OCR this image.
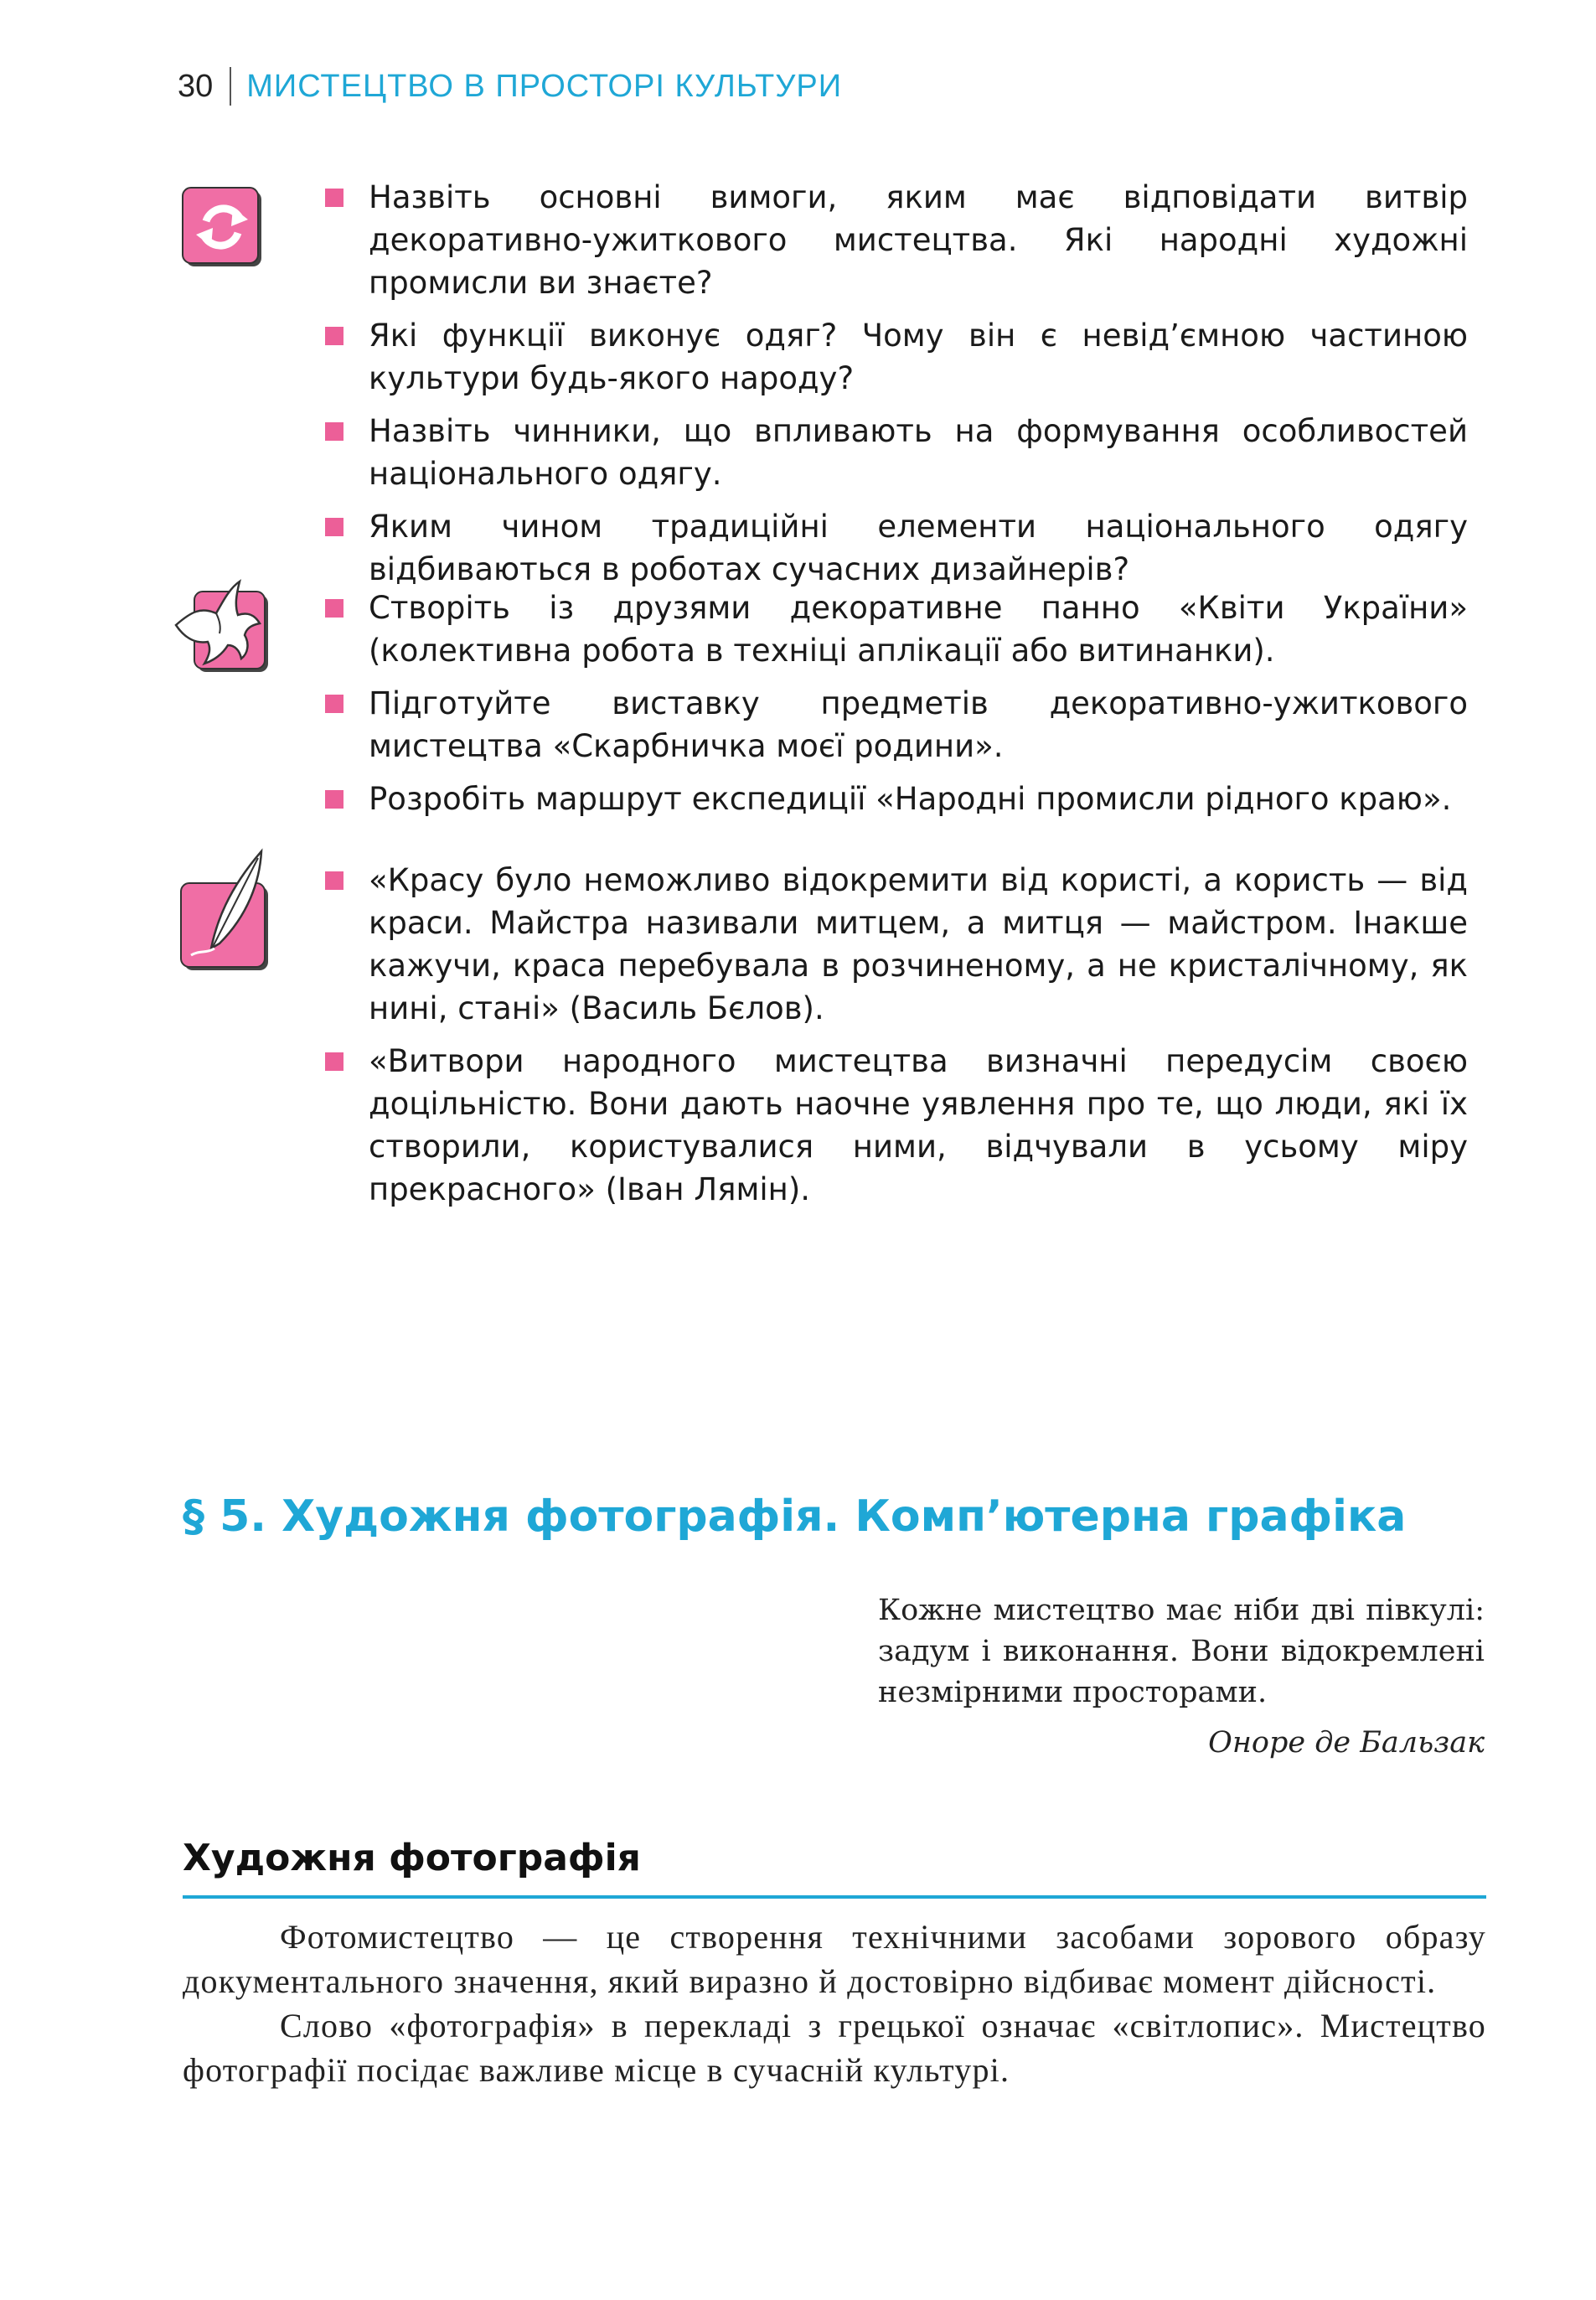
30 МИСТЕЦТВО В ПРОСТОРІ КУЛЬТУРИ
Назвіть основні вимоги, яким має відповідати витвір декоративно-ужиткового мистецтва. Які народні художні промисли ви знаєте?
Які функції виконує одяг? Чому він є невід’ємною частиною культури будь-якого народу?
Назвіть чинники, що впливають на формування особливостей національного одягу.
Яким чином традиційні елементи національного одягу відбиваються в роботах сучасних дизайнерів?
Створіть із друзями декоративне панно «Квіти України» (колективна робота в техніці аплікації або витинанки).
Підготуйте виставку предметів декоративно-ужиткового мистецтва «Скарбничка моєї родини».
Розробіть маршрут експедиції «Народні промисли рідного краю».
«Красу було неможливо відокремити від користі, а користь — від краси. Майстра називали митцем, а митця — майстром. Інакше кажучи, краса перебувала в розчиненому, а не кристалічному, як нині, стані» (Василь Бєлов).
«Витвори народного мистецтва визначні передусім своєю доцільністю. Вони дають наочне уявлення про те, що люди, які їх створили, користувалися ними, відчували в усьому міру прекрасного» (Іван Лямін).
§ 5. Художня фотографія. Комп’ютерна графіка
Кожне мистецтво має ніби дві півкулі: задум і виконання. Вони відокремлені незмірними просторами.
Оноре де Бальзак
Художня фотографія

Фотомистецтво — це створення технічними засобами зорового образу документального значення, який виразно й достовірно відбиває момент дійсності.

Слово «фотографія» в перекладі з грецької означає «світлопис». Мистецтво фотографії посідає важливе місце в сучасній культурі.
